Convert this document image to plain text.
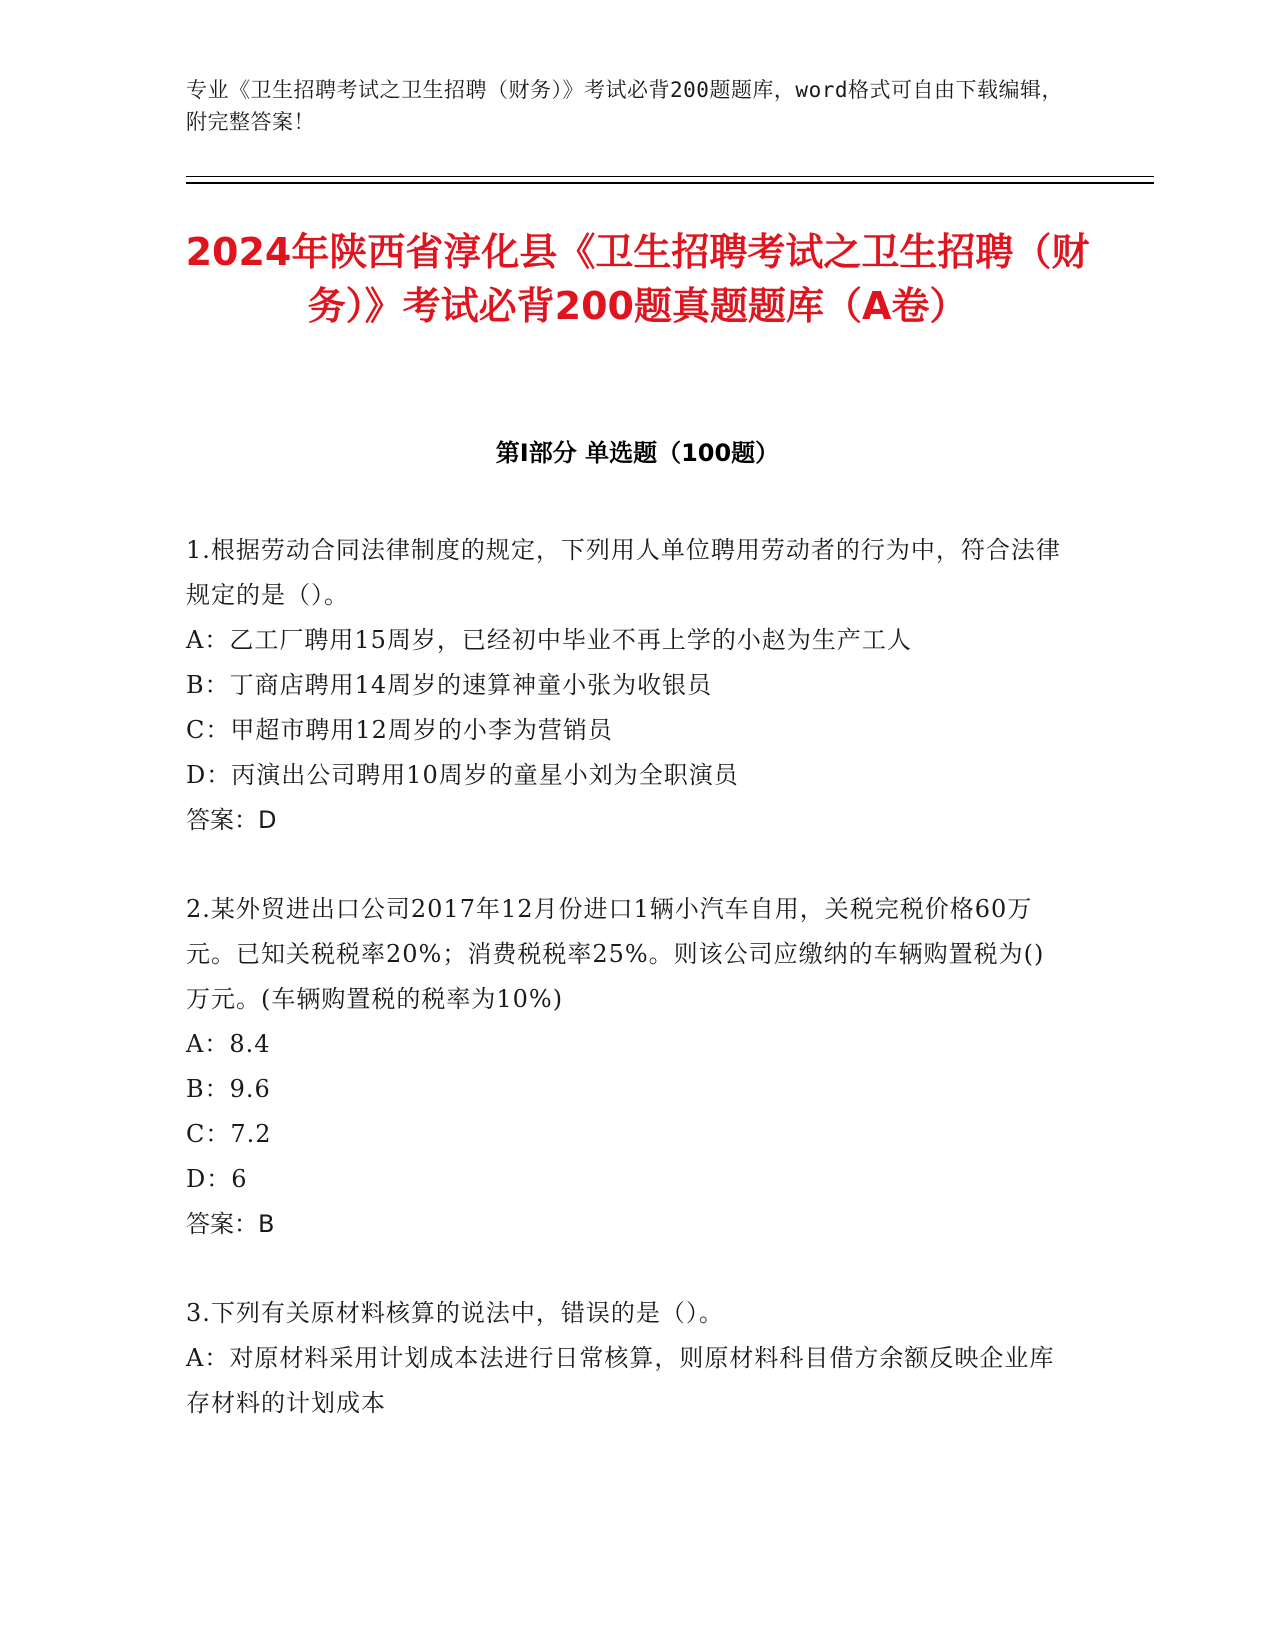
专业《卫生招聘考试之卫生招聘（财务）》考试必背200题题库，word格式可自由下载编辑，附完整答案！
2024年陕西省淳化县《卫生招聘考试之卫生招聘（财务）》考试必背200题真题题库（A卷）
第I部分 单选题（100题）

1.根据劳动合同法律制度的规定，下列用人单位聘用劳动者的行为中，符合法律规定的是（）。

A：乙工厂聘用15周岁，已经初中毕业不再上学的小赵为生产工人

B：丁商店聘用14周岁的速算神童小张为收银员

C：甲超市聘用12周岁的小李为营销员

D：丙演出公司聘用10周岁的童星小刘为全职演员

答案：D

2.某外贸进出口公司2017年12月份进口1辆小汽车自用，关税完税价格60万元。已知关税税率20%；消费税税率25%。则该公司应缴纳的车辆购置税为()万元。(车辆购置税的税率为10%)

A：8.4

B：9.6

C：7.2

D：6

答案：B

3.下列有关原材料核算的说法中，错误的是（）。

A：对原材料采用计划成本法进行日常核算，则原材料科目借方余额反映企业库存材料的计划成本
